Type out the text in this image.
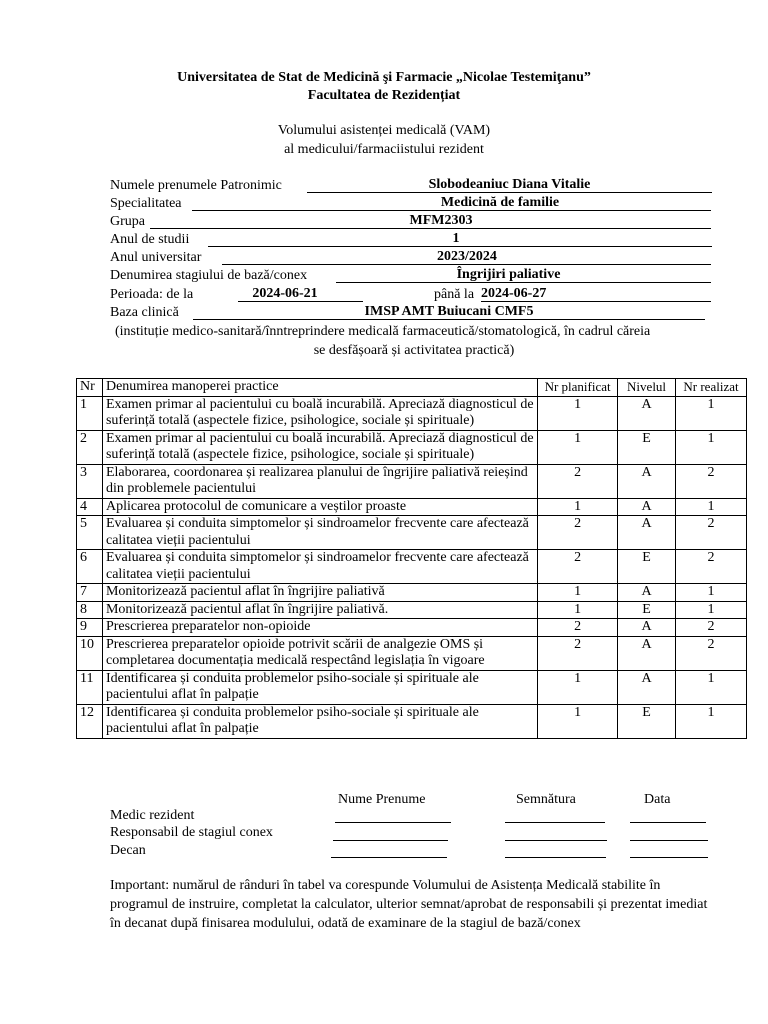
Universitatea de Stat de Medicină şi Farmacie „Nicolae Testemiţanu”
Facultatea de Rezidențiat
Volumului asistenței medicală (VAM)
al medicului/farmaciistului rezident
Numele prenumele Patronimic	Slobodeaniuc Diana Vitalie
Specialitatea	Medicină de familie
Grupa	MFM2303
Anul de studii	1
Anul universitar	2023/2024
Denumirea stagiului de bază/conex	Îngrijiri paliative
Perioada: de la	2024-06-21	până la 2024-06-27
Baza clinică	IMSP AMT Buiucani CMF5
(instituție medico-sanitară/înntreprindere medicală farmaceutică/stomatologică, în cadrul căreia
se desfășoară și activitatea practică)
Nr	Denumirea manoperei practice	Nr planificat	Nivelul	Nr realizat
1	Examen primar al pacientului cu boală incurabilă. Apreciază diagnosticul de suferință totală (aspectele fizice, psihologice, sociale și spirituale)	1	A	1
2	Examen primar al pacientului cu boală incurabilă. Apreciază diagnosticul de suferință totală (aspectele fizice, psihologice, sociale și spirituale)	1	E	1
3	Elaborarea, coordonarea și realizarea planului de îngrijire paliativă reieșind din problemele pacientului	2	A	2
4	Aplicarea protocolul de comunicare a veștilor proaste	1	A	1
5	Evaluarea și conduita simptomelor și sindroamelor frecvente care afectează calitatea vieții pacientului	2	A	2
6	Evaluarea și conduita simptomelor și sindroamelor frecvente care afectează calitatea vieții pacientului	2	E	2
7	Monitorizează pacientul aflat în îngrijire paliativă	1	A	1
8	Monitorizează pacientul aflat în îngrijire paliativă.	1	E	1
9	Prescrierea preparatelor non-opioide	2	A	2
10	Prescrierea preparatelor opioide potrivit scării de analgezie OMS și completarea documentația medicală respectând legislația în vigoare	2	A	2
11	Identificarea și conduita problemelor psiho-sociale și spirituale ale pacientului aflat în palpație	1	A	1
12	Identificarea și conduita problemelor psiho-sociale și spirituale ale pacientului aflat în palpație	1	E	1
Nume Prenume	Semnătura	Data
Medic rezident
Responsabil de stagiul conex
Decan
Important: numărul de rânduri în tabel va corespunde Volumului de Asistența Medicală stabilite în programul de instruire, completat la calculator, ulterior semnat/aprobat de responsabili și prezentat imediat în decanat după finisarea modulului, odată de examinare de la stagiul de bază/conex
